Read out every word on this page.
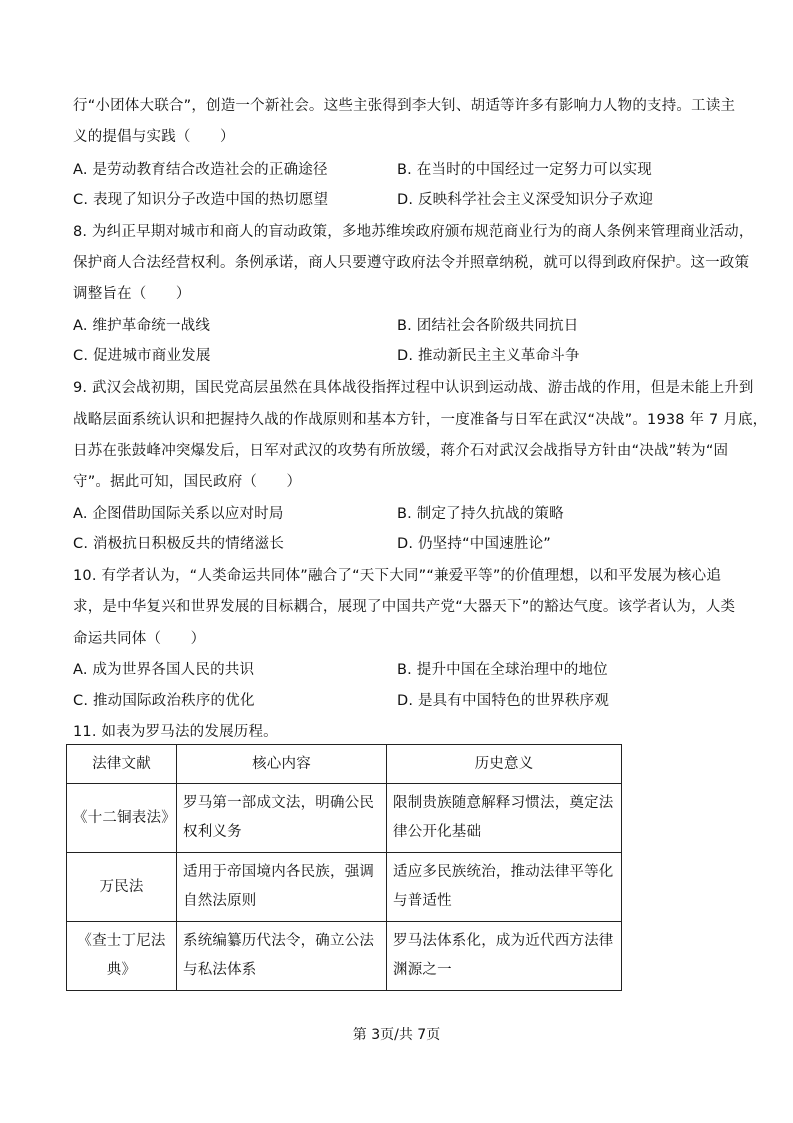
行“小团体大联合”，创造一个新社会。这些主张得到李大钊、胡适等许多有影响力人物的支持。工读主
义的提倡与实践（　　）
A. 是劳动教育结合改造社会的正确途径	B. 在当时的中国经过一定努力可以实现
C. 表现了知识分子改造中国的热切愿望	D. 反映科学社会主义深受知识分子欢迎
8. 为纠正早期对城市和商人的盲动政策，多地苏维埃政府颁布规范商业行为的商人条例来管理商业活动，
保护商人合法经营权利。条例承诺，商人只要遵守政府法令并照章纳税，就可以得到政府保护。这一政策
调整旨在（　　）
A. 维护革命统一战线	B. 团结社会各阶级共同抗日
C. 促进城市商业发展	D. 推动新民主主义革命斗争
9. 武汉会战初期，国民党高层虽然在具体战役指挥过程中认识到运动战、游击战的作用，但是未能上升到
战略层面系统认识和把握持久战的作战原则和基本方针，一度准备与日军在武汉“决战”。1938 年 7 月底，
日苏在张鼓峰冲突爆发后，日军对武汉的攻势有所放缓，蒋介石对武汉会战指导方针由“决战”转为“固
守”。据此可知，国民政府（　　）
A. 企图借助国际关系以应对时局	B. 制定了持久抗战的策略
C. 消极抗日积极反共的情绪滋长	D. 仍坚持“中国速胜论”
10. 有学者认为，“人类命运共同体”融合了“天下大同”“兼爱平等”的价值理想，以和平发展为核心追
求，是中华复兴和世界发展的目标耦合，展现了中国共产党“大器天下”的豁达气度。该学者认为，人类
命运共同体（　　）
A. 成为世界各国人民的共识	B. 提升中国在全球治理中的地位
C. 推动国际政治秩序的优化	D. 是具有中国特色的世界秩序观
11. 如表为罗马法的发展历程。
法律文献	核心内容	历史意义
《十二铜表法》	罗马第一部成文法，明确公民权利义务	限制贵族随意解释习惯法，奠定法律公开化基础
万民法	适用于帝国境内各民族，强调自然法原则	适应多民族统治，推动法律平等化与普适性
《查士丁尼法典》	系统编纂历代法令，确立公法与私法体系	罗马法体系化，成为近代西方法律渊源之一
第 3页/共 7页
